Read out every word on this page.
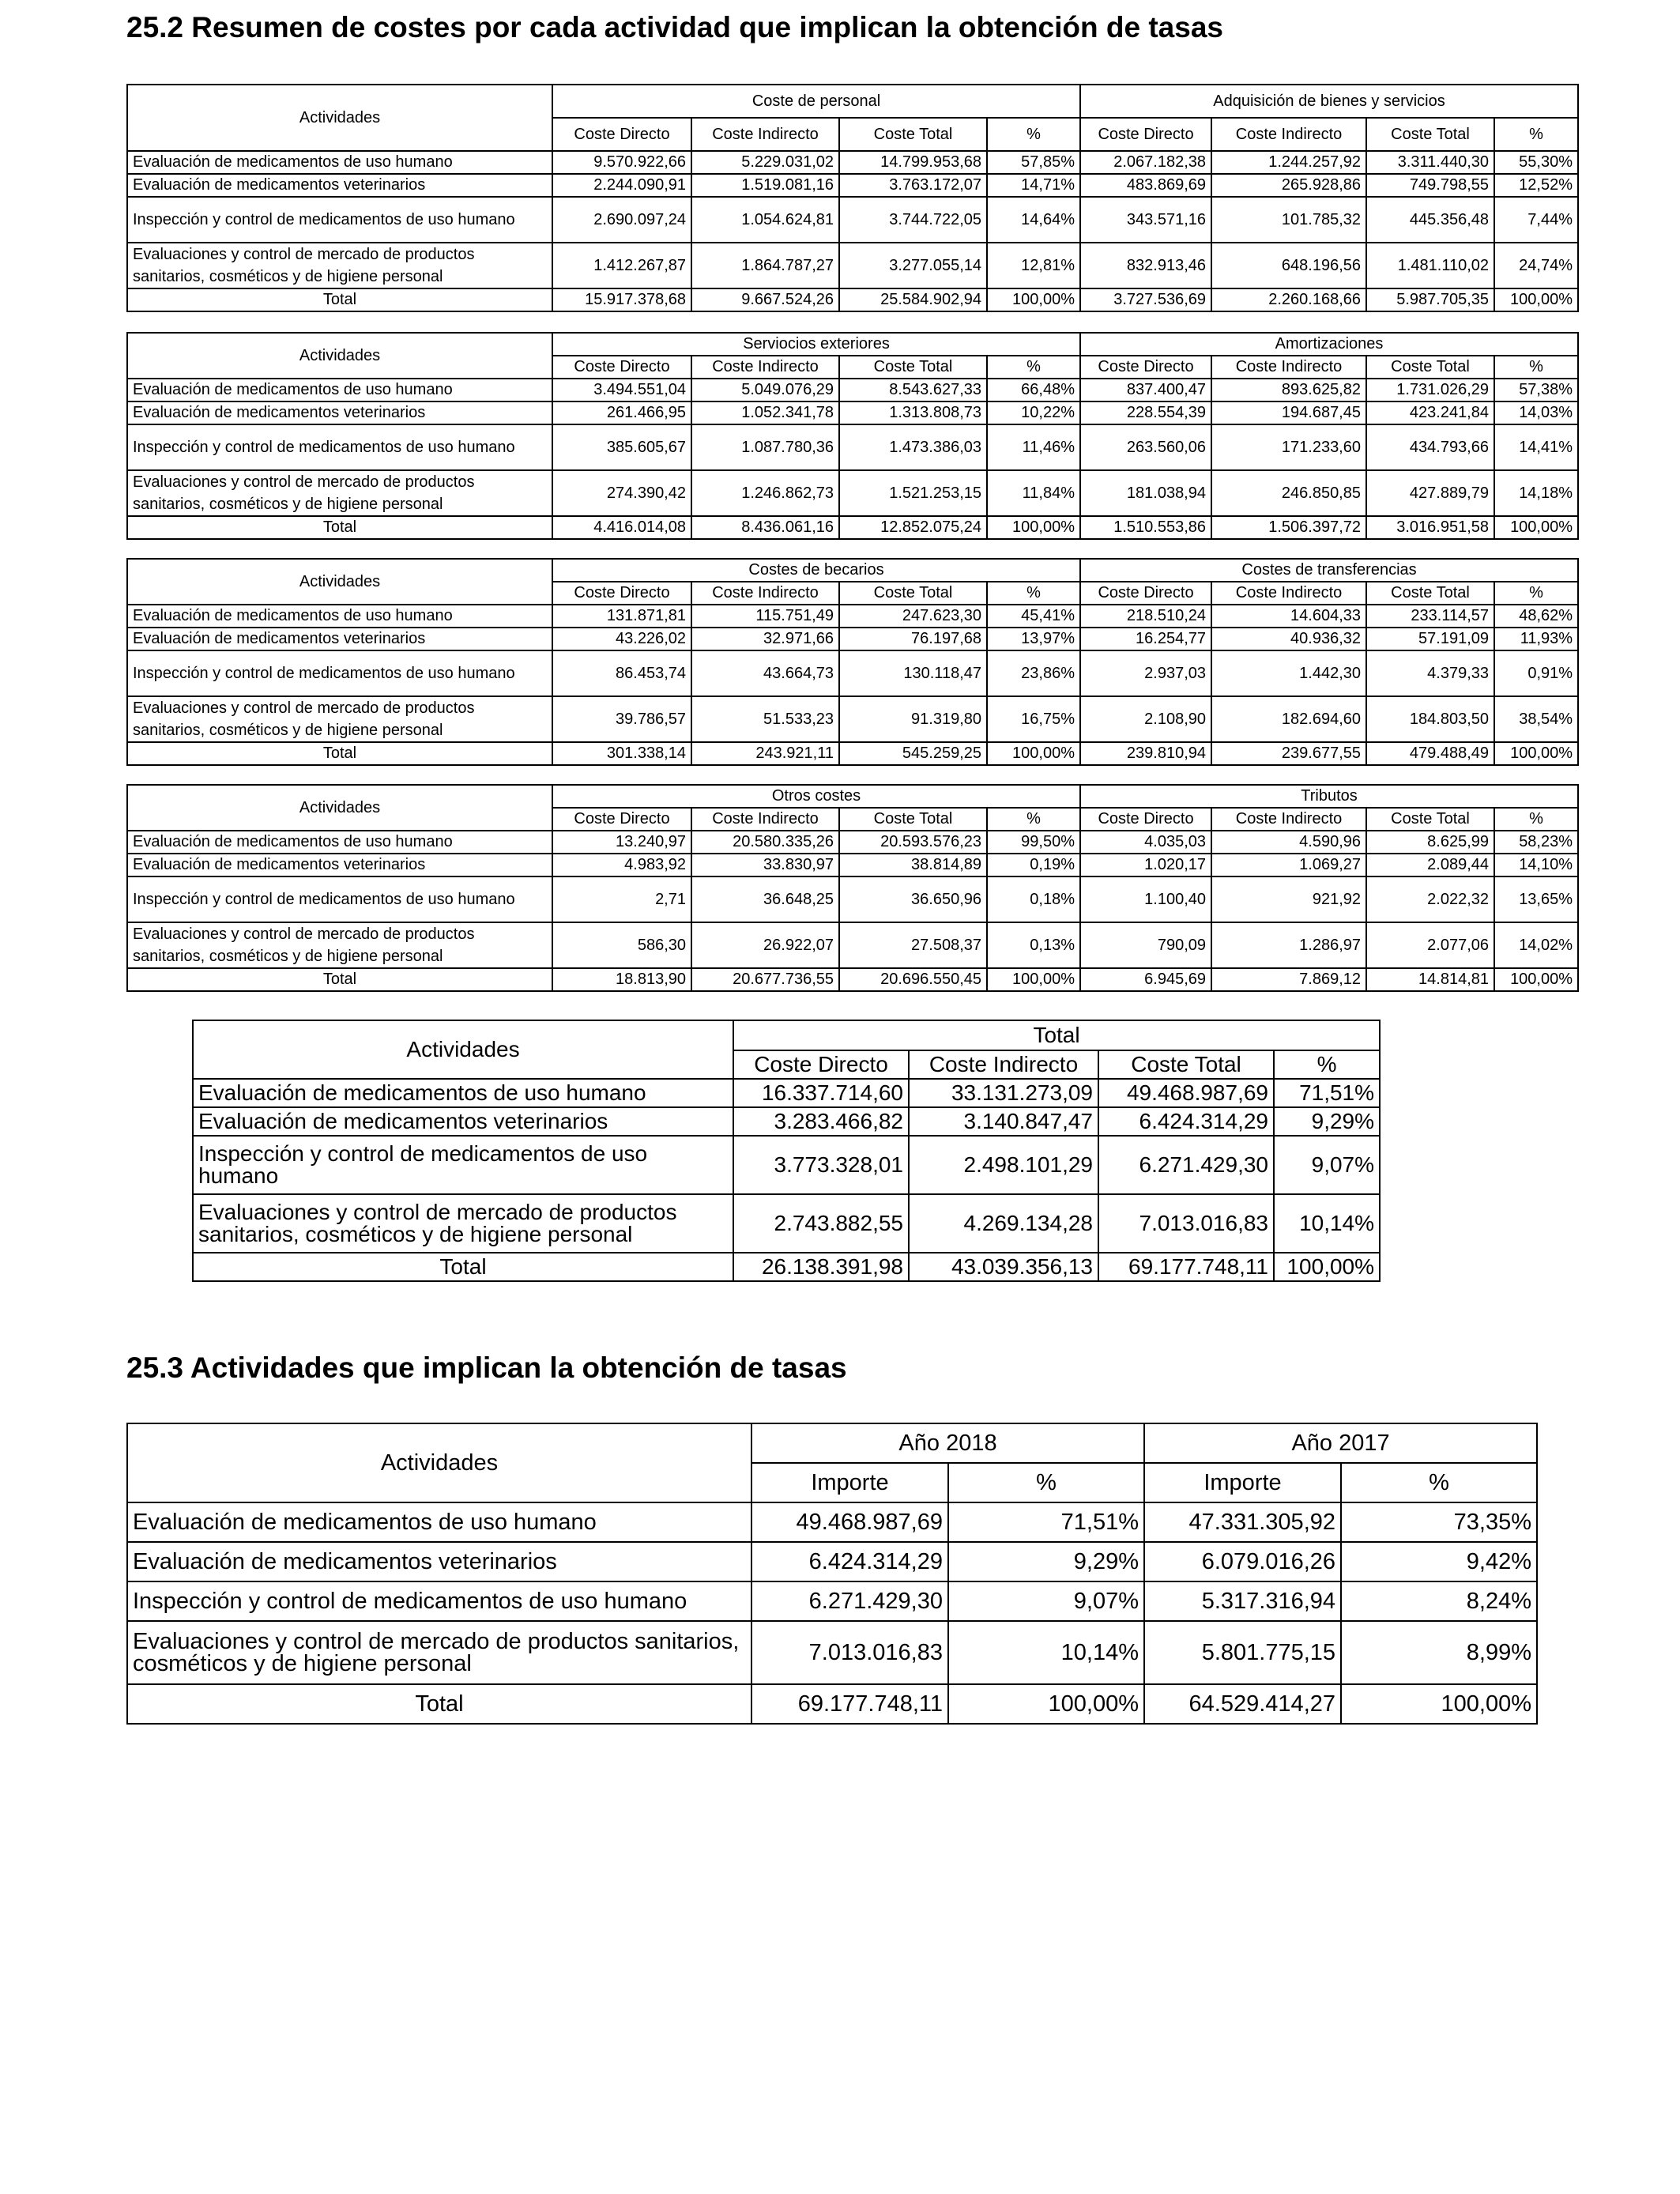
25.2 Resumen de costes por cada actividad que implican la obtención de tasas
Actividades	Coste de personal				Adquisición de bienes y servicios			
	Coste Directo	Coste Indirecto	Coste Total	%	Coste Directo	Coste Indirecto	Coste Total	%
Evaluación de medicamentos de uso humano	9.570.922,66	5.229.031,02	14.799.953,68	57,85%	2.067.182,38	1.244.257,92	3.311.440,30	55,30%
Evaluación de medicamentos veterinarios	2.244.090,91	1.519.081,16	3.763.172,07	14,71%	483.869,69	265.928,86	749.798,55	12,52%
Inspección y control de medicamentos de uso humano	2.690.097,24	1.054.624,81	3.744.722,05	14,64%	343.571,16	101.785,32	445.356,48	7,44%
Evaluaciones y control de mercado de productos sanitarios, cosméticos y de higiene personal	1.412.267,87	1.864.787,27	3.277.055,14	12,81%	832.913,46	648.196,56	1.481.110,02	24,74%
Total	15.917.378,68	9.667.524,26	25.584.902,94	100,00%	3.727.536,69	2.260.168,66	5.987.705,35	100,00%
Actividades	Serviocios exteriores				Amortizaciones			
	Coste Directo	Coste Indirecto	Coste Total	%	Coste Directo	Coste Indirecto	Coste Total	%
Evaluación de medicamentos de uso humano	3.494.551,04	5.049.076,29	8.543.627,33	66,48%	837.400,47	893.625,82	1.731.026,29	57,38%
Evaluación de medicamentos veterinarios	261.466,95	1.052.341,78	1.313.808,73	10,22%	228.554,39	194.687,45	423.241,84	14,03%
Inspección y control de medicamentos de uso humano	385.605,67	1.087.780,36	1.473.386,03	11,46%	263.560,06	171.233,60	434.793,66	14,41%
Evaluaciones y control de mercado de productos sanitarios, cosméticos y de higiene personal	274.390,42	1.246.862,73	1.521.253,15	11,84%	181.038,94	246.850,85	427.889,79	14,18%
Total	4.416.014,08	8.436.061,16	12.852.075,24	100,00%	1.510.553,86	1.506.397,72	3.016.951,58	100,00%
Actividades	Costes de becarios				Costes de transferencias			
	Coste Directo	Coste Indirecto	Coste Total	%	Coste Directo	Coste Indirecto	Coste Total	%
Evaluación de medicamentos de uso humano	131.871,81	115.751,49	247.623,30	45,41%	218.510,24	14.604,33	233.114,57	48,62%
Evaluación de medicamentos veterinarios	43.226,02	32.971,66	76.197,68	13,97%	16.254,77	40.936,32	57.191,09	11,93%
Inspección y control de medicamentos de uso humano	86.453,74	43.664,73	130.118,47	23,86%	2.937,03	1.442,30	4.379,33	0,91%
Evaluaciones y control de mercado de productos sanitarios, cosméticos y de higiene personal	39.786,57	51.533,23	91.319,80	16,75%	2.108,90	182.694,60	184.803,50	38,54%
Total	301.338,14	243.921,11	545.259,25	100,00%	239.810,94	239.677,55	479.488,49	100,00%
Actividades	Otros costes				Tributos			
	Coste Directo	Coste Indirecto	Coste Total	%	Coste Directo	Coste Indirecto	Coste Total	%
Evaluación de medicamentos de uso humano	13.240,97	20.580.335,26	20.593.576,23	99,50%	4.035,03	4.590,96	8.625,99	58,23%
Evaluación de medicamentos veterinarios	4.983,92	33.830,97	38.814,89	0,19%	1.020,17	1.069,27	2.089,44	14,10%
Inspección y control de medicamentos de uso humano	2,71	36.648,25	36.650,96	0,18%	1.100,40	921,92	2.022,32	13,65%
Evaluaciones y control de mercado de productos sanitarios, cosméticos y de higiene personal	586,30	26.922,07	27.508,37	0,13%	790,09	1.286,97	2.077,06	14,02%
Total	18.813,90	20.677.736,55	20.696.550,45	100,00%	6.945,69	7.869,12	14.814,81	100,00%
Actividades	Total			
	Coste Directo	Coste Indirecto	Coste Total	%
Evaluación de medicamentos de uso humano	16.337.714,60	33.131.273,09	49.468.987,69	71,51%
Evaluación de medicamentos veterinarios	3.283.466,82	3.140.847,47	6.424.314,29	9,29%
Inspección y control de medicamentos de uso humano	3.773.328,01	2.498.101,29	6.271.429,30	9,07%
Evaluaciones y control de mercado de productos sanitarios, cosméticos y de higiene personal	2.743.882,55	4.269.134,28	7.013.016,83	10,14%
Total	26.138.391,98	43.039.356,13	69.177.748,11	100,00%
25.3 Actividades que implican la obtención de tasas
Actividades	Año 2018		Año 2017	
	Importe	%	Importe	%
Evaluación de medicamentos de uso humano	49.468.987,69	71,51%	47.331.305,92	73,35%
Evaluación de medicamentos veterinarios	6.424.314,29	9,29%	6.079.016,26	9,42%
Inspección y control de medicamentos de uso humano	6.271.429,30	9,07%	5.317.316,94	8,24%
Evaluaciones y control de mercado de productos sanitarios, cosméticos y de higiene personal	7.013.016,83	10,14%	5.801.775,15	8,99%
Total	69.177.748,11	100,00%	64.529.414,27	100,00%
